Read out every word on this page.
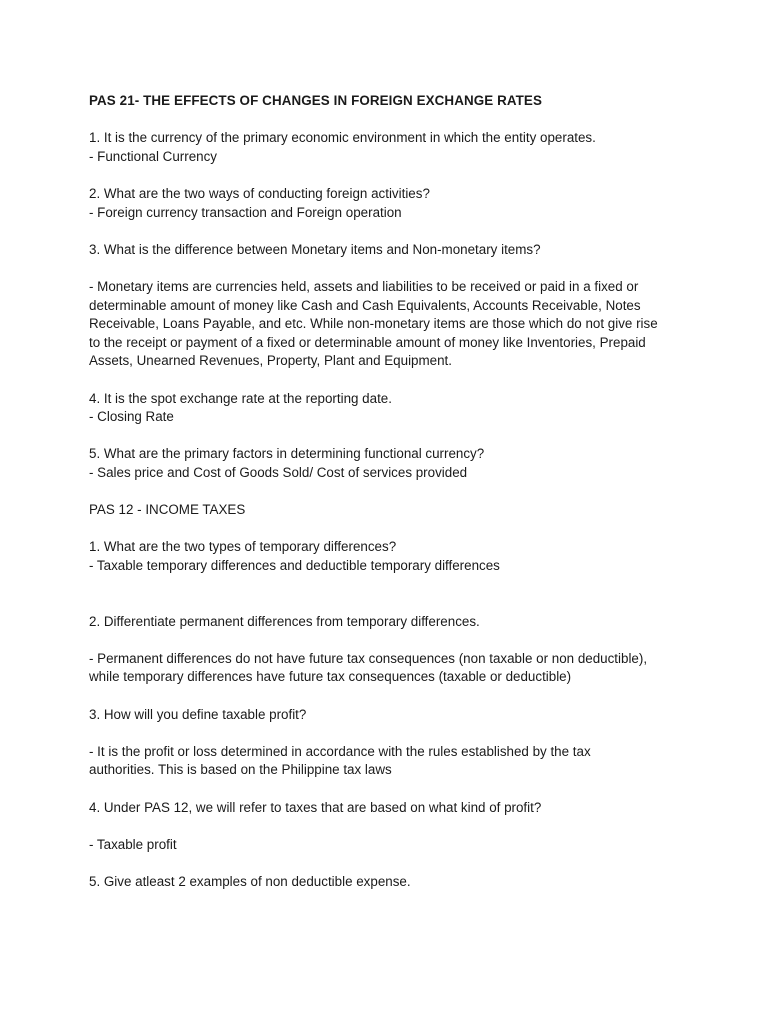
PAS 21- THE EFFECTS OF CHANGES IN FOREIGN EXCHANGE RATES
1. It is the currency of the primary economic environment in which the entity operates.
- Functional Currency
2. What are the two ways of conducting foreign activities?
- Foreign currency transaction and Foreign operation
3. What is the difference between Monetary items and Non-monetary items?
- Monetary items are currencies held, assets and liabilities to be received or paid in a fixed or
determinable amount of money like Cash and Cash Equivalents, Accounts Receivable, Notes
Receivable, Loans Payable, and etc. While non-monetary items are those which do not give rise
to the receipt or payment of a fixed or determinable amount of money like Inventories, Prepaid
Assets, Unearned Revenues, Property, Plant and Equipment.
4. It is the spot exchange rate at the reporting date.
- Closing Rate
5. What are the primary factors in determining functional currency?
- Sales price and Cost of Goods Sold/ Cost of services provided
PAS 12 - INCOME TAXES
1. What are the two types of temporary differences?
- Taxable temporary differences and deductible temporary differences
2. Differentiate permanent differences from temporary differences.
- Permanent differences do not have future tax consequences (non taxable or non deductible),
while temporary differences have future tax consequences (taxable or deductible)
3. How will you define taxable profit?
- It is the profit or loss determined in accordance with the rules established by the tax
authorities. This is based on the Philippine tax laws
4. Under PAS 12, we will refer to taxes that are based on what kind of profit?
- Taxable profit
5. Give atleast 2 examples of non deductible expense.
